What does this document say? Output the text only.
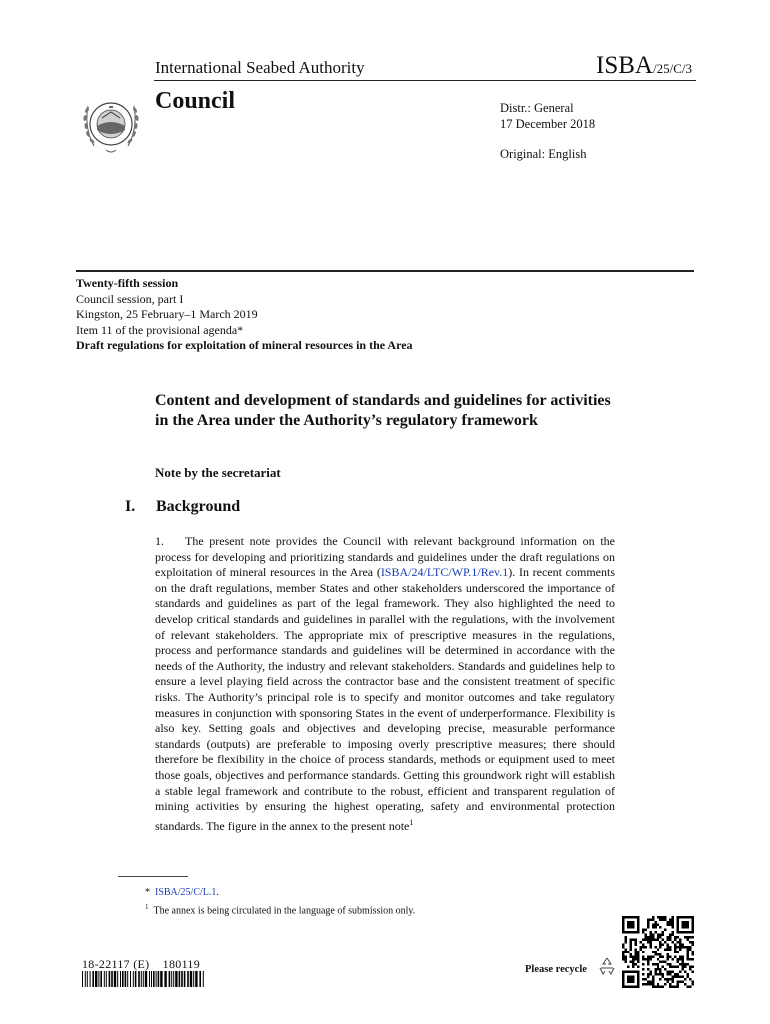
International Seabed Authority	ISBA/25/C/3
Council	Distr.: General
17 December 2018
Original: English
Twenty-fifth session
Council session, part I
Kingston, 25 February–1 March 2019
Item 11 of the provisional agenda*
Draft regulations for exploitation of mineral resources in the Area
Content and development of standards and guidelines for activities in the Area under the Authority’s regulatory framework
Note by the secretariat
I. Background
1. The present note provides the Council with relevant background information on the process for developing and prioritizing standards and guidelines under the draft regulations on exploitation of mineral resources in the Area (ISBA/24/LTC/WP.1/Rev.1). In recent comments on the draft regulations, member States and other stakeholders underscored the importance of standards and guidelines as part of the legal framework. They also highlighted the need to develop critical standards and guidelines in parallel with the regulations, with the involvement of relevant stakeholders. The appropriate mix of prescriptive measures in the regulations, process and performance standards and guidelines will be determined in accordance with the needs of the Authority, the industry and relevant stakeholders. Standards and guidelines help to ensure a level playing field across the contractor base and the consistent treatment of specific risks. The Authority’s principal role is to specify and monitor outcomes and take regulatory measures in conjunction with sponsoring States in the event of underperformance. Flexibility is also key. Setting goals and objectives and developing precise, measurable performance standards (outputs) are preferable to imposing overly prescriptive measures; there should therefore be flexibility in the choice of process standards, methods or equipment used to meet those goals, objectives and performance standards. Getting this groundwork right will establish a stable legal framework and contribute to the robust, efficient and transparent regulation of mining activities by ensuring the highest operating, safety and environmental protection standards. The figure in the annex to the present note$^1$
* ISBA/25/C/L.1.
$^1$ The annex is being circulated in the language of submission only.
18-22117 (E)    180119	Please recycle
